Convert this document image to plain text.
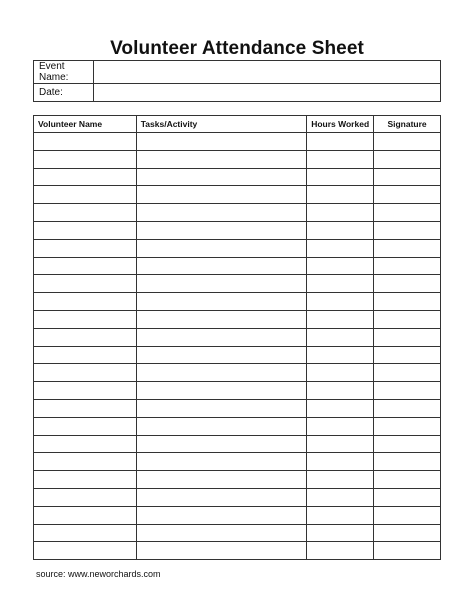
Volunteer Attendance Sheet
Event Name:	
Date:	
Volunteer Name	Tasks/Activity	Hours Worked	Signature

source: www.neworchards.com
